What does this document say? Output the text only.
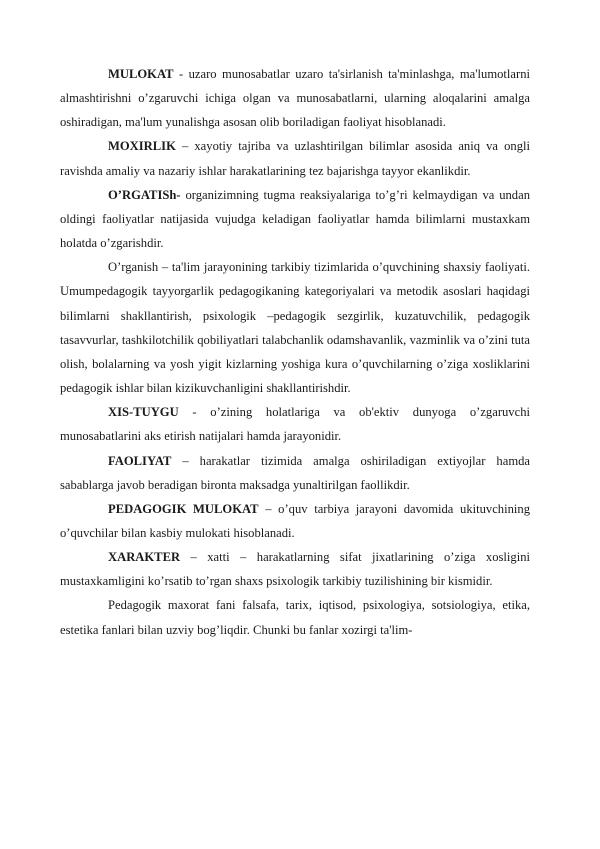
MULOKAT - uzaro munosabatlar uzaro ta'sirlanish ta'minlashga, ma'lumotlarni almashtirishni o’zgaruvchi ichiga olgan va munosabatlarni, ularning aloqalarini amalga oshiradigan, ma'lum yunalishga asosan olib boriladigan faoliyat hisoblanadi.

MOXIRLIK – xayotiy tajriba va uzlashtirilgan bilimlar asosida aniq va ongli ravishda amaliy va nazariy ishlar harakatlarining tez bajarishga tayyor ekanlikdir.

O’RGATISh- organizimning tugma reaksiyalariga to’g’ri kelmaydigan va undan oldingi faoliyatlar natijasida vujudga keladigan faoliyatlar hamda bilimlarni mustaxkam holatda o’zgarishdir.

O’rganish – ta'lim jarayonining tarkibiy tizimlarida o’quvchining shaxsiy faoliyati. Umumpedagogik tayyorgarlik pedagogikaning kategoriyalari va metodik asoslari haqidagi bilimlarni shakllantirish, psixologik –pedagogik sezgirlik, kuzatuvchilik, pedagogik tasavvurlar, tashkilotchilik qobiliyatlari talabchanlik odamshavanlik, vazminlik va o’zini tuta olish, bolalarning va yosh yigit kizlarning yoshiga kura o’quvchilarning o’ziga xosliklarini pedagogik ishlar bilan kizikuvchanligini shakllantirishdir.

XIS-TUYGU - o’zining holatlariga va ob'ektiv dunyoga o’zgaruvchi munosabatlarini aks etirish natijalari hamda jarayonidir.

FAOLIYAT – harakatlar tizimida amalga oshiriladigan extiyojlar hamda sabablarga javob beradigan bironta maksadga yunaltirilgan faollikdir.

PEDAGOGIK MULOKAT – o’quv tarbiya jarayoni davomida ukituvchining o’quvchilar bilan kasbiy mulokati hisoblanadi.

XARAKTER – xatti – harakatlarning sifat jixatlarining o’ziga xosligini mustaxkamligini ko’rsatib to’rgan shaxs psixologik tarkibiy tuzilishining bir kismidir.

Pedagogik maxorat fani falsafa, tarix, iqtisod, psixologiya, sotsiologiya, etika, estetika fanlari bilan uzviy bog’liqdir. Chunki bu fanlar xozirgi ta'lim-
